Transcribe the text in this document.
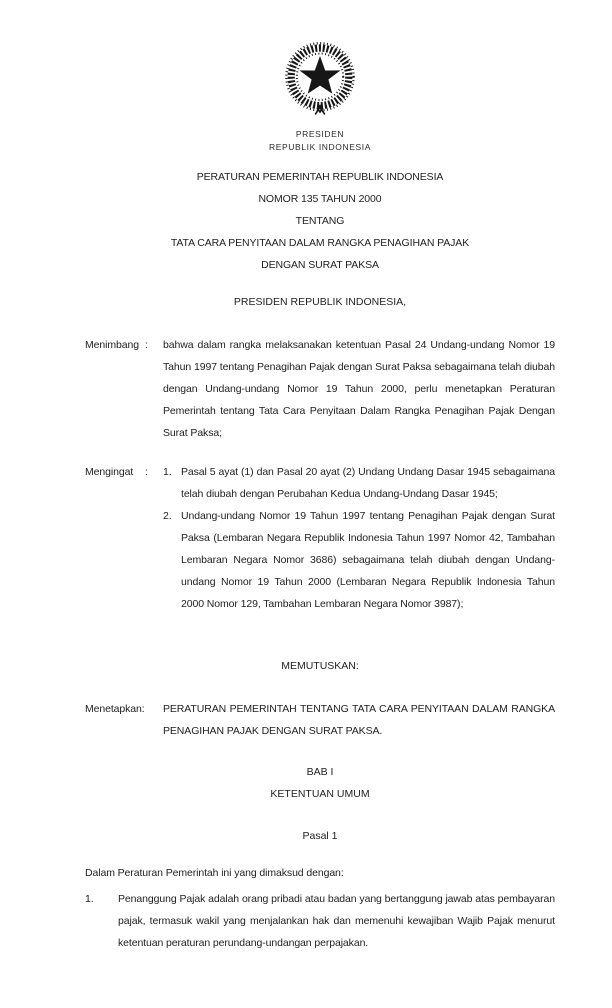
PRESIDEN
REPUBLIK INDONESIA
PERATURAN PEMERINTAH REPUBLIK INDONESIA
NOMOR 135 TAHUN 2000
TENTANG
TATA CARA PENYITAAN DALAM RANGKA PENAGIHAN PAJAK
DENGAN SURAT PAKSA
PRESIDEN REPUBLIK INDONESIA,
Menimbang :	bahwa dalam rangka melaksanakan ketentuan Pasal 24 Undang-undang Nomor 19 Tahun 1997 tentang Penagihan Pajak dengan Surat Paksa sebagaimana telah diubah dengan Undang-undang Nomor 19 Tahun 2000, perlu menetapkan Peraturan Pemerintah tentang Tata Cara Penyitaan Dalam Rangka Penagihan Pajak Dengan Surat Paksa;
Mengingat	:	1. Pasal 5 ayat (1) dan Pasal 20 ayat (2) Undang Undang Dasar 1945 sebagaimana telah diubah dengan Perubahan Kedua Undang-Undang Dasar 1945;
2. Undang-undang Nomor 19 Tahun 1997 tentang Penagihan Pajak dengan Surat Paksa (Lembaran Negara Republik Indonesia Tahun 1997 Nomor 42, Tambahan Lembaran Negara Nomor 3686) sebagaimana telah diubah dengan Undang-undang Nomor 19 Tahun 2000 (Lembaran Negara Republik Indonesia Tahun 2000 Nomor 129, Tambahan Lembaran Negara Nomor 3987);
MEMUTUSKAN:
Menetapkan:	PERATURAN PEMERINTAH TENTANG TATA CARA PENYITAAN DALAM RANGKA PENAGIHAN PAJAK DENGAN SURAT PAKSA.
BAB I
KETENTUAN UMUM
Pasal 1
Dalam Peraturan Pemerintah ini yang dimaksud dengan:
1.	Penanggung Pajak adalah orang pribadi atau badan yang bertanggung jawab atas pembayaran pajak, termasuk wakil yang menjalankan hak dan memenuhi kewajiban Wajib Pajak menurut ketentuan peraturan perundang-undangan perpajakan.
